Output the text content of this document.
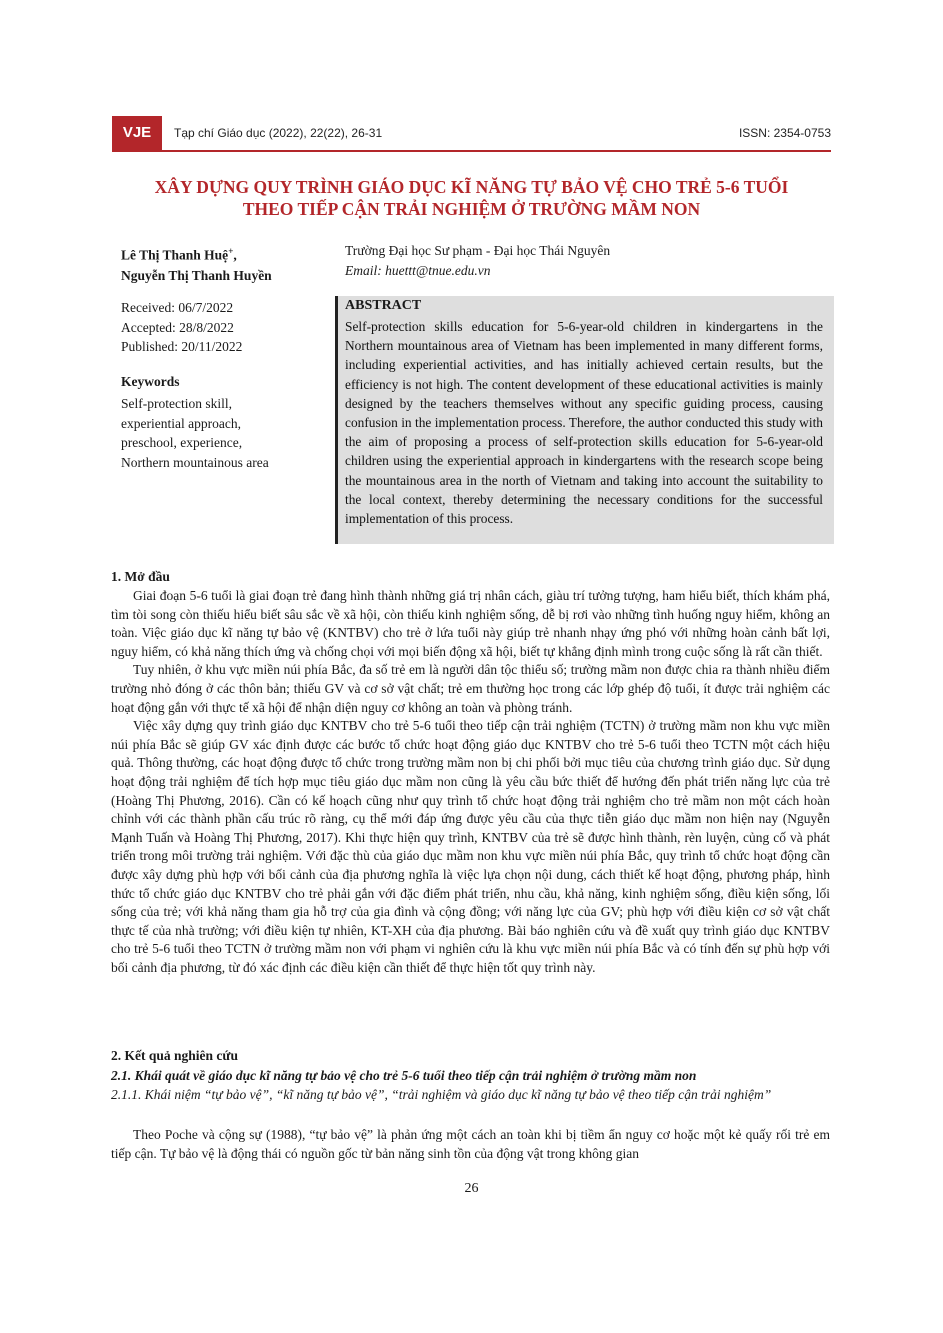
VJE	Tạp chí Giáo dục (2022), 22(22), 26-31	ISSN: 2354-0753
XÂY DỰNG QUY TRÌNH GIÁO DỤC KĨ NĂNG TỰ BẢO VỆ CHO TRẺ 5-6 TUỔI
THEO TIẾP CẬN TRẢI NGHIỆM Ở TRƯỜNG MẦM NON
Lê Thị Thanh Huệ+,
Nguyễn Thị Thanh Huyền
Trường Đại học Sư phạm - Đại học Thái Nguyên
Email: huettt@tnue.edu.vn
Received: 06/7/2022
Accepted: 28/8/2022
Published: 20/11/2022
Keywords
Self-protection skill,
experiential approach,
preschool, experience,
Northern mountainous area
ABSTRACT
Self-protection skills education for 5-6-year-old children in kindergartens in the Northern mountainous area of Vietnam has been implemented in many different forms, including experiential activities, and has initially achieved certain results, but the efficiency is not high. The content development of these educational activities is mainly designed by the teachers themselves without any specific guiding process, causing confusion in the implementation process. Therefore, the author conducted this study with the aim of proposing a process of self-protection skills education for 5-6-year-old children using the experiential approach in kindergartens with the research scope being the mountainous area in the north of Vietnam and taking into account the suitability to the local context, thereby determining the necessary conditions for the successful implementation of this process.
1. Mở đầu

Giai đoạn 5-6 tuổi là giai đoạn trẻ đang hình thành những giá trị nhân cách, giàu trí tưởng tượng, ham hiểu biết, thích khám phá, tìm tòi song còn thiếu hiểu biết sâu sắc về xã hội, còn thiếu kinh nghiệm sống, dễ bị rơi vào những tình huống nguy hiểm, không an toàn. Việc giáo dục kĩ năng tự bảo vệ (KNTBV) cho trẻ ở lứa tuổi này giúp trẻ nhanh nhạy ứng phó với những hoàn cảnh bất lợi, nguy hiểm, có khả năng thích ứng và chống chọi với mọi biến động xã hội, biết tự khẳng định mình trong cuộc sống là rất cần thiết.

Tuy nhiên, ở khu vực miền núi phía Bắc, đa số trẻ em là người dân tộc thiểu số; trường mầm non được chia ra thành nhiều điểm trường nhỏ đóng ở các thôn bản; thiếu GV và cơ sở vật chất; trẻ em thường học trong các lớp ghép độ tuổi, ít được trải nghiệm các hoạt động gắn với thực tế xã hội để nhận diện nguy cơ không an toàn và phòng tránh.

Việc xây dựng quy trình giáo dục KNTBV cho trẻ 5-6 tuổi theo tiếp cận trải nghiệm (TCTN) ở trường mầm non khu vực miền núi phía Bắc sẽ giúp GV xác định được các bước tổ chức hoạt động giáo dục KNTBV cho trẻ 5-6 tuổi theo TCTN một cách hiệu quả. Thông thường, các hoạt động được tổ chức trong trường mầm non bị chi phối bởi mục tiêu của chương trình giáo dục. Sử dụng hoạt động trải nghiệm để tích hợp mục tiêu giáo dục mầm non cũng là yêu cầu bức thiết để hướng đến phát triển năng lực của trẻ (Hoàng Thị Phương, 2016). Cần có kế hoạch cũng như quy trình tổ chức hoạt động trải nghiệm cho trẻ mầm non một cách hoàn chỉnh với các thành phần cấu trúc rõ ràng, cụ thể mới đáp ứng được yêu cầu của thực tiễn giáo dục mầm non hiện nay (Nguyễn Mạnh Tuấn và Hoàng Thị Phương, 2017). Khi thực hiện quy trình, KNTBV của trẻ sẽ được hình thành, rèn luyện, củng cố và phát triển trong môi trường trải nghiệm. Với đặc thù của giáo dục mầm non khu vực miền núi phía Bắc, quy trình tổ chức hoạt động cần được xây dựng phù hợp với bối cảnh của địa phương nghĩa là việc lựa chọn nội dung, cách thiết kế hoạt động, phương pháp, hình thức tổ chức giáo dục KNTBV cho trẻ phải gắn với đặc điểm phát triển, nhu cầu, khả năng, kinh nghiệm sống, điều kiện sống, lối sống của trẻ; với khả năng tham gia hỗ trợ của gia đình và cộng đồng; với năng lực của GV; phù hợp với điều kiện cơ sở vật chất thực tế của nhà trường; với điều kiện tự nhiên, KT-XH của địa phương. Bài báo nghiên cứu và đề xuất quy trình giáo dục KNTBV cho trẻ 5-6 tuổi theo TCTN ở trường mầm non với phạm vi nghiên cứu là khu vực miền núi phía Bắc và có tính đến sự phù hợp với bối cảnh địa phương, từ đó xác định các điều kiện cần thiết để thực hiện tốt quy trình này.

2. Kết quả nghiên cứu
2.1. Khái quát về giáo dục kĩ năng tự bảo vệ cho trẻ 5-6 tuổi theo tiếp cận trải nghiệm ở trường mầm non
2.1.1. Khái niệm “tự bảo vệ”, “kĩ năng tự bảo vệ”, “trải nghiệm và giáo dục kĩ năng tự bảo vệ theo tiếp cận trải nghiệm”

Theo Poche và cộng sự (1988), “tự bảo vệ” là phản ứng một cách an toàn khi bị tiềm ẩn nguy cơ hoặc một kẻ quấy rối trẻ em tiếp cận. Tự bảo vệ là động thái có nguồn gốc từ bản năng sinh tồn của động vật trong không gian

26
